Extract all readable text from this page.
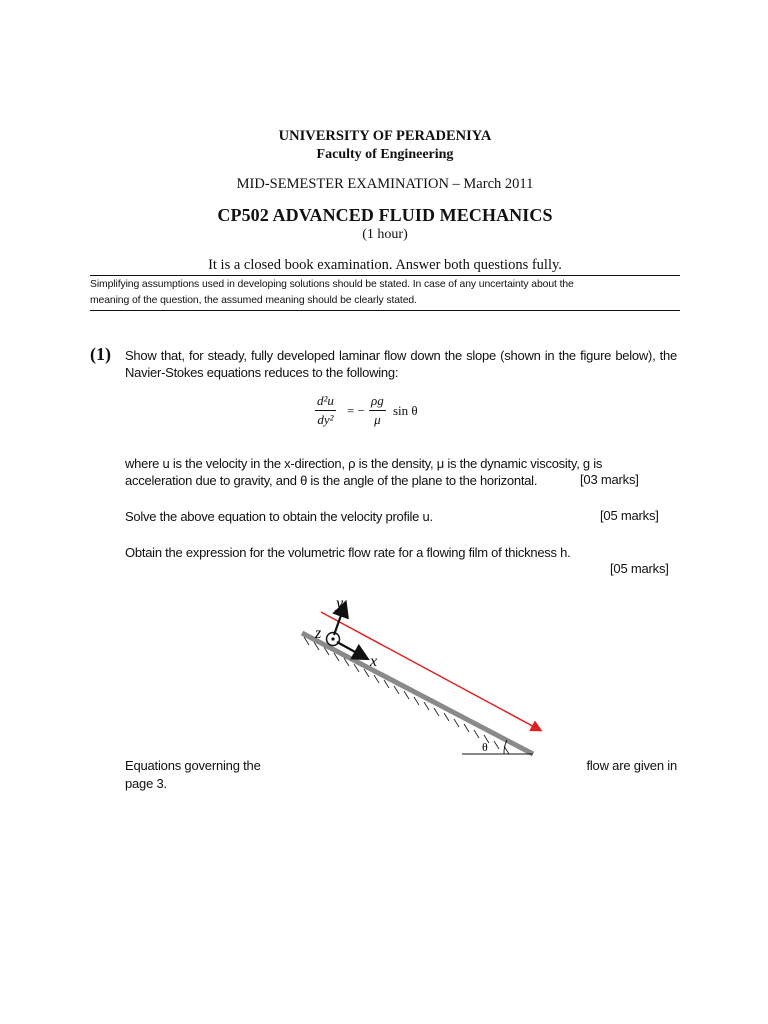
UNIVERSITY OF PERADENIYA
Faculty of Engineering
MID-SEMESTER EXAMINATION – March 2011
CP502 ADVANCED FLUID MECHANICS
(1 hour)
It is a closed book examination. Answer both questions fully.
Simplifying assumptions used in developing solutions should be stated. In case of any uncertainty about the
meaning of the question, the assumed meaning should be clearly stated.
(1) Show that, for steady, fully developed laminar flow down the slope (shown in the figure below), the Navier-Stokes equations reduces to the following:
$\frac{\text{d²u}}{\text{dy²}}$ = − $\frac{\rho g}{\mu}$ sin θ
where u is the velocity in the x-direction, ρ is the density, μ is the dynamic viscosity, g is
acceleration due to gravity, and θ is the angle of the plane to the horizontal.	[03 marks]
Solve the above equation to obtain the velocity profile u.	[05 marks]
Obtain the expression for the volumetric flow rate for a flowing film of thickness h.
[05 marks]
θ
y
z
x
Equations governing the	flow are given in
page 3.
